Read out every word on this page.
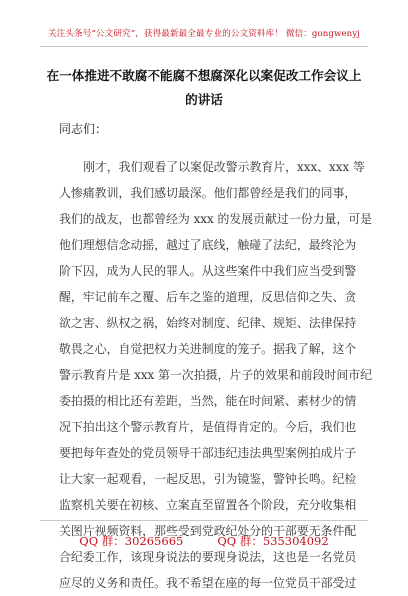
关注头条号“公文研究”，获得最新最全最专业的公文资料库！ 微信：gongwenyj
在一体推进不敢腐不能腐不想腐深化以案促改工作会议上
的讲话
同志们：
刚才，我们观看了以案促改警示教育片，xxx、xxx 等
人惨痛教训，我们感切最深。他们都曾经是我们的同事，
我们的战友，也都曾经为 xxx 的发展贡献过一份力量，可是
他们理想信念动摇，越过了底线，触碰了法纪，最终沦为
阶下囚，成为人民的罪人。从这些案件中我们应当受到警
醒，牢记前车之覆、后车之鉴的道理，反思信仰之失、贪
欲之害、纵权之祸，始终对制度、纪律、规矩、法律保持
敬畏之心，自觉把权力关进制度的笼子。据我了解，这个
警示教育片是 xxx 第一次拍摄，片子的效果和前段时间市纪
委拍摄的相比还有差距，当然，能在时间紧、素材少的情
况下拍出这个警示教育片，是值得肯定的。今后，我们也
要把每年查处的党员领导干部违纪违法典型案例拍成片子
让大家一起观看，一起反思，引为镜鉴，警钟长鸣。纪检
监察机关要在初核、立案直至留置各个阶段，充分收集相
关图片视频资料，那些受到党政纪处分的干部要无条件配
合纪委工作，该现身说法的要现身说法，这也是一名党员
应尽的义务和责任。我不希望在座的每一位党员干部受过
QQ 群：30265665	QQ 群：535304092
